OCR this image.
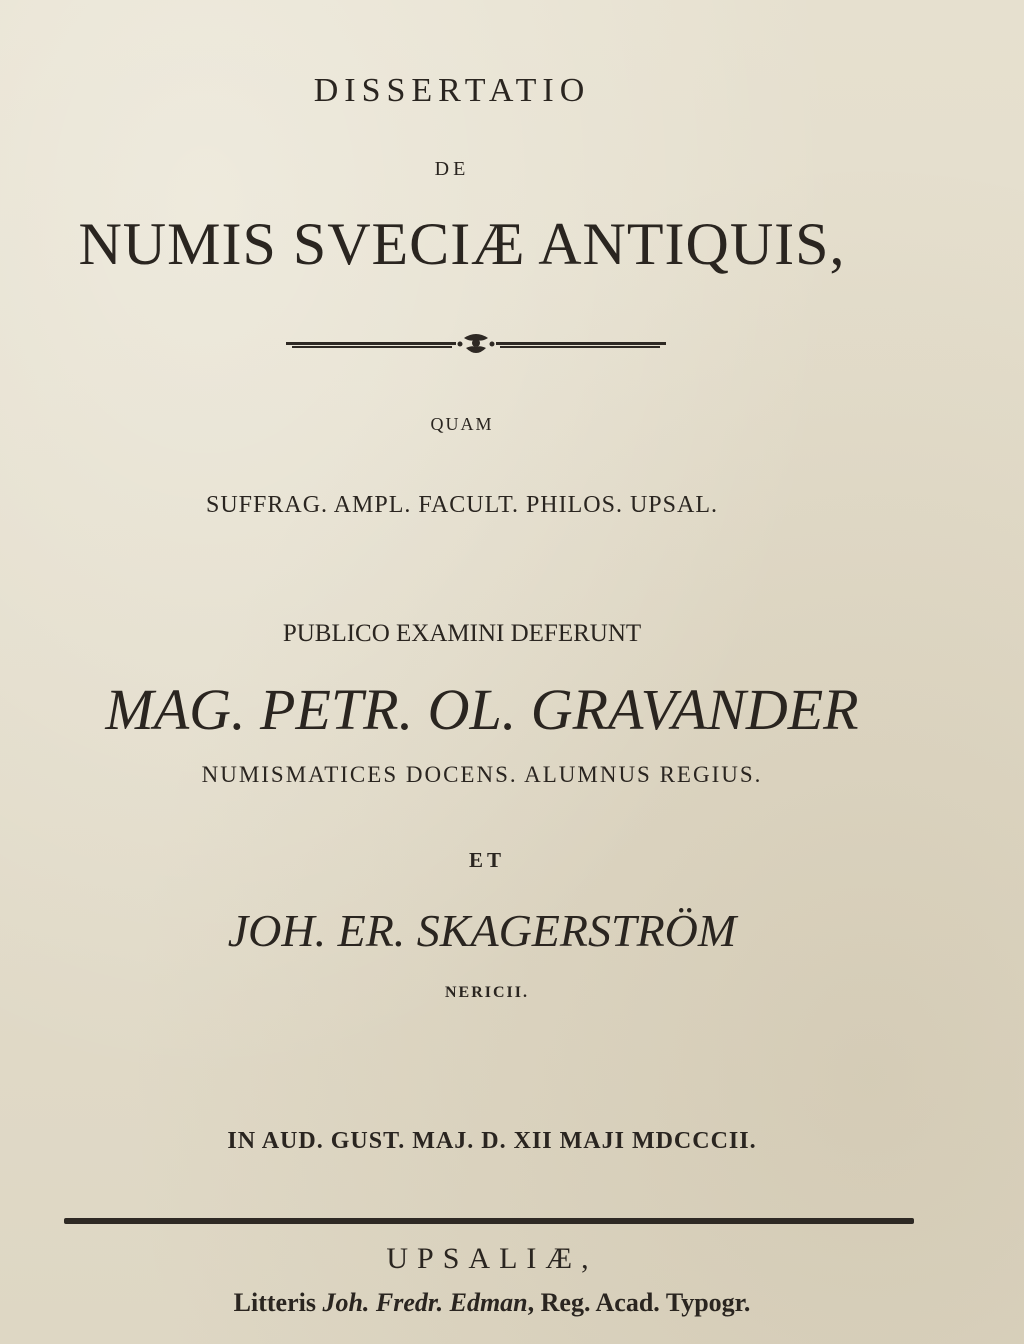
DISSERTATIO
DE
NUMIS SVECIÆ ANTIQUIS,
QUAM
SUFFRAG. AMPL. FACULT. PHILOS. UPSAL.
PUBLICO EXAMINI DEFERUNT
MAG. PETR. OL. GRAVANDER
NUMISMATICES DOCENS. ALUMNUS REGIUS.
ET
JOH. ER. SKAGERSTRÖM
NERICII.
IN AUD. GUST. MAJ. D. XII MAJI MDCCCII.
UPSALIÆ,
Litteris Joh. Fredr. Edman, Reg. Acad. Typogr.
